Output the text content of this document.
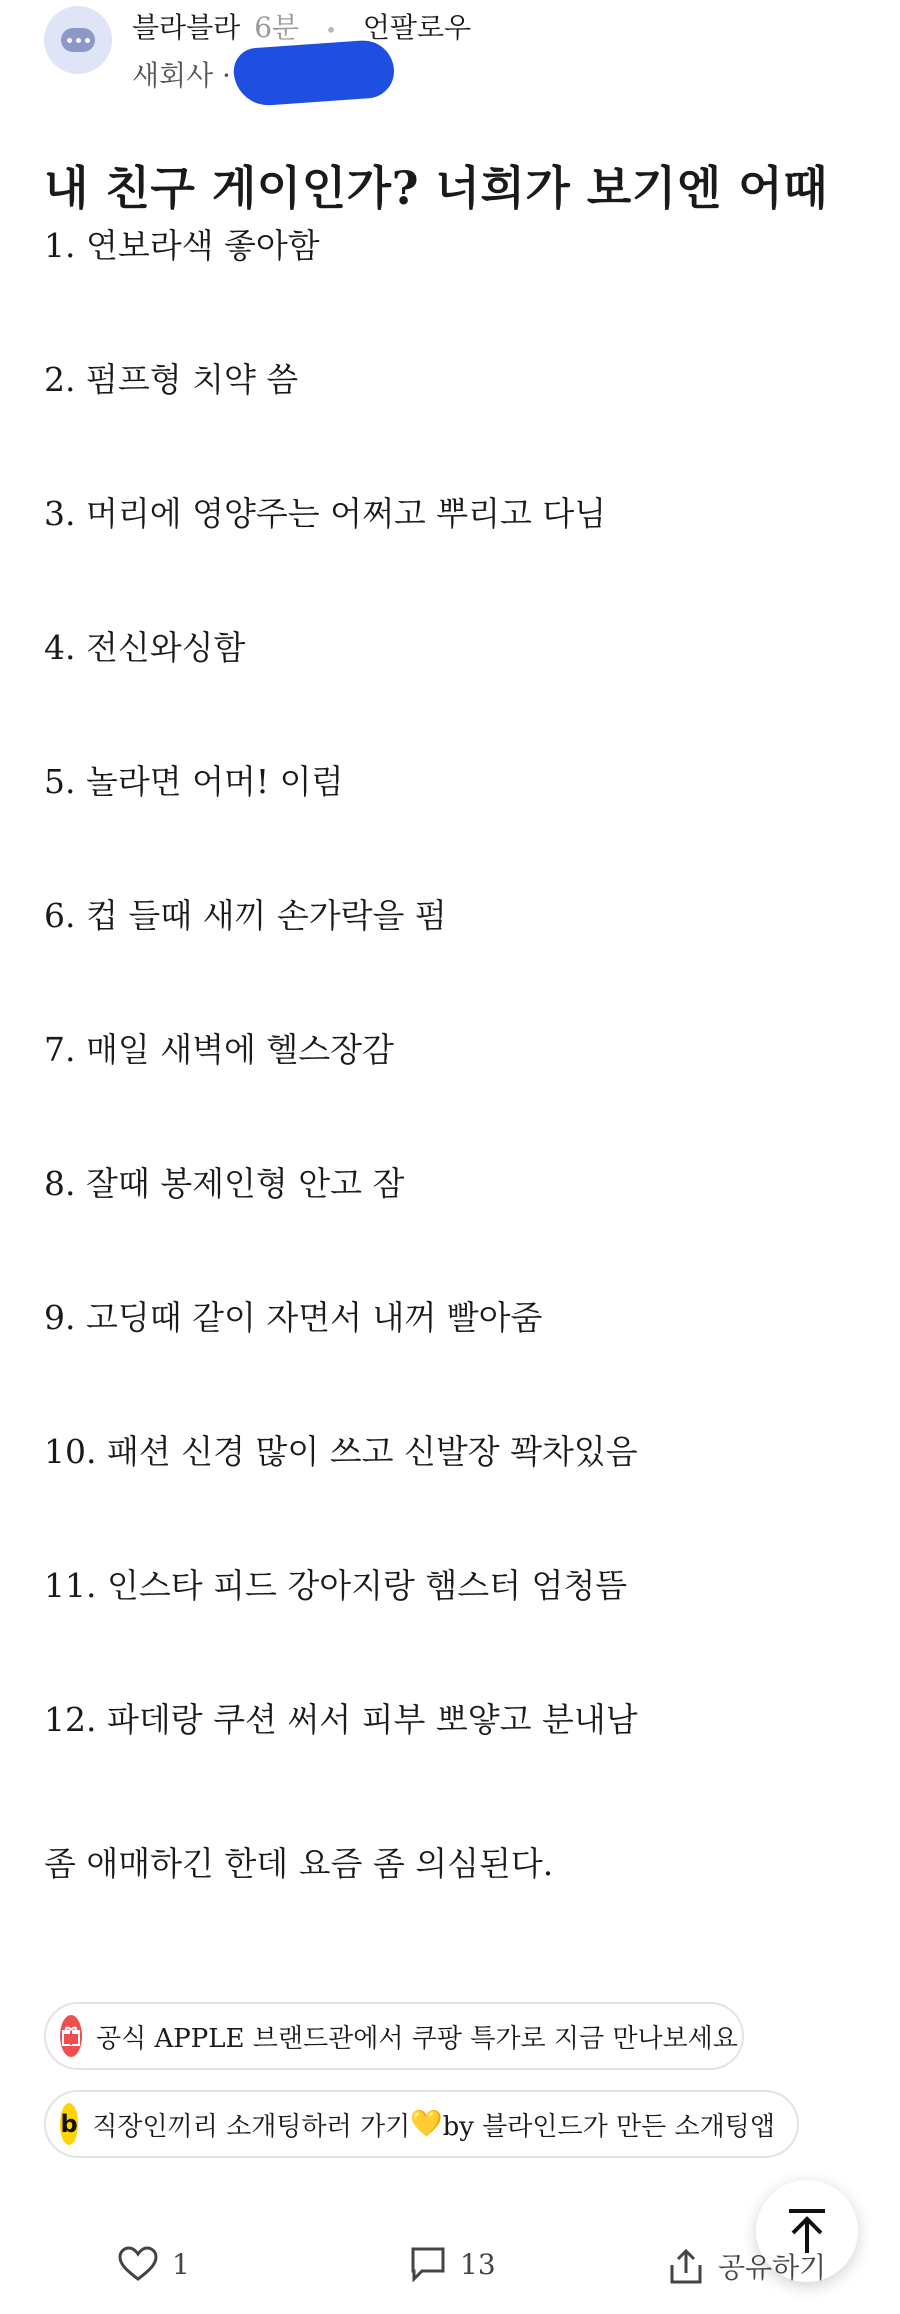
블라블라 6분 • 언팔로우
새회사 ·
내 친구 게이인가? 너희가 보기엔 어때
1. 연보라색 좋아함
2. 펌프형 치약 씀
3. 머리에 영양주는 어쩌고 뿌리고 다님
4. 전신와싱함
5. 놀라면 어머! 이럼
6. 컵 들때 새끼 손가락을 펌
7. 매일 새벽에 헬스장감
8. 잘때 봉제인형 안고 잠
9. 고딩때 같이 자면서 내꺼 빨아줌
10. 패션 신경 많이 쓰고 신발장 꽉차있음
11. 인스타 피드 강아지랑 햄스터 엄청뜸
12. 파데랑 쿠션 써서 피부 뽀얗고 분내남
좀 애매하긴 한데 요즘 좀 의심된다.
공식 APPLE 브랜드관에서 쿠팡 특가로 지금 만나보세요
b 직장인끼리 소개팅하러 가기 💛 by 블라인드가 만든 소개팅앱
1	13	공유하기
